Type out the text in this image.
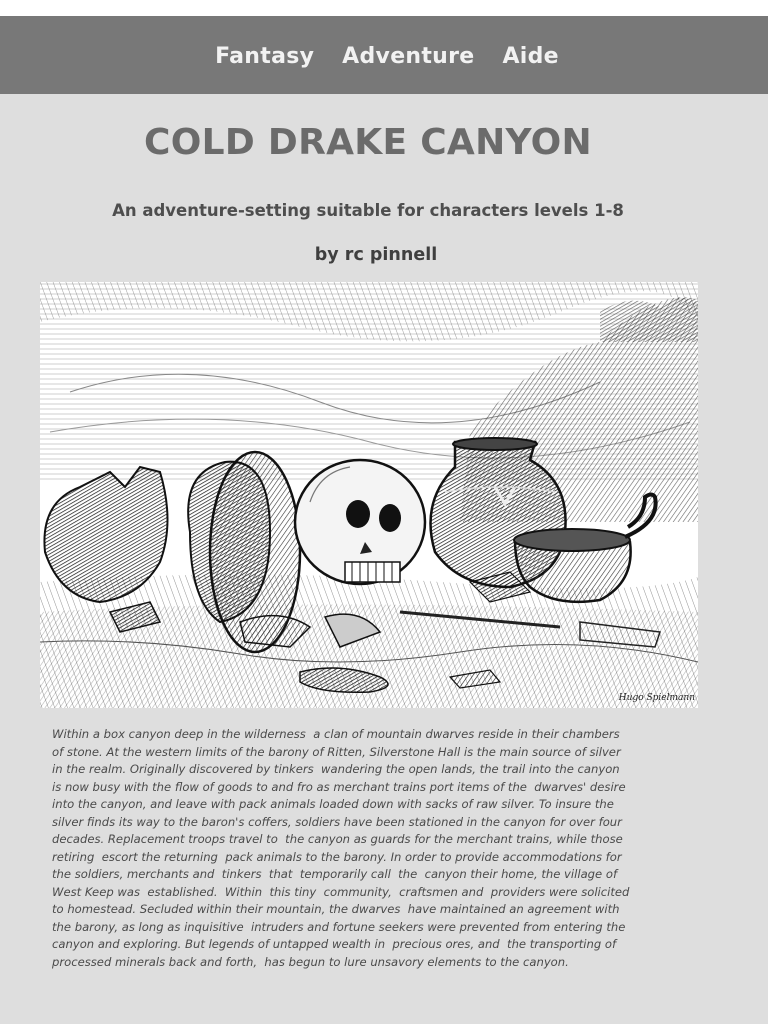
Fantasy  Adventure  Aide
COLD DRAKE CANYON
An adventure-setting suitable for characters levels 1-8
by rc pinnell
Hugo Spielmann
Within a box canyon deep in the wilderness  a clan of mountain dwarves reside in their chambers
of stone. At the western limits of the barony of Ritten, Silverstone Hall is the main source of silver
in the realm. Originally discovered by tinkers  wandering the open lands, the trail into the canyon
is now busy with the flow of goods to and fro as merchant trains port items of the  dwarves' desire
into the canyon, and leave with pack animals loaded down with sacks of raw silver. To insure the
silver finds its way to the baron's coffers, soldiers have been stationed in the canyon for over four
decades. Replacement troops travel to  the canyon as guards for the merchant trains, while those
retiring  escort the returning  pack animals to the barony. In order to provide accommodations for
the soldiers, merchants and  tinkers  that  temporarily call  the  canyon their home, the village of
West Keep was  established.  Within  this tiny  community,  craftsmen and  providers were solicited
to homestead. Secluded within their mountain, the dwarves  have maintained an agreement with
the barony, as long as inquisitive  intruders and fortune seekers were prevented from entering the
canyon and exploring. But legends of untapped wealth in  precious ores, and  the transporting of
processed minerals back and forth,  has begun to lure unsavory elements to the canyon.
